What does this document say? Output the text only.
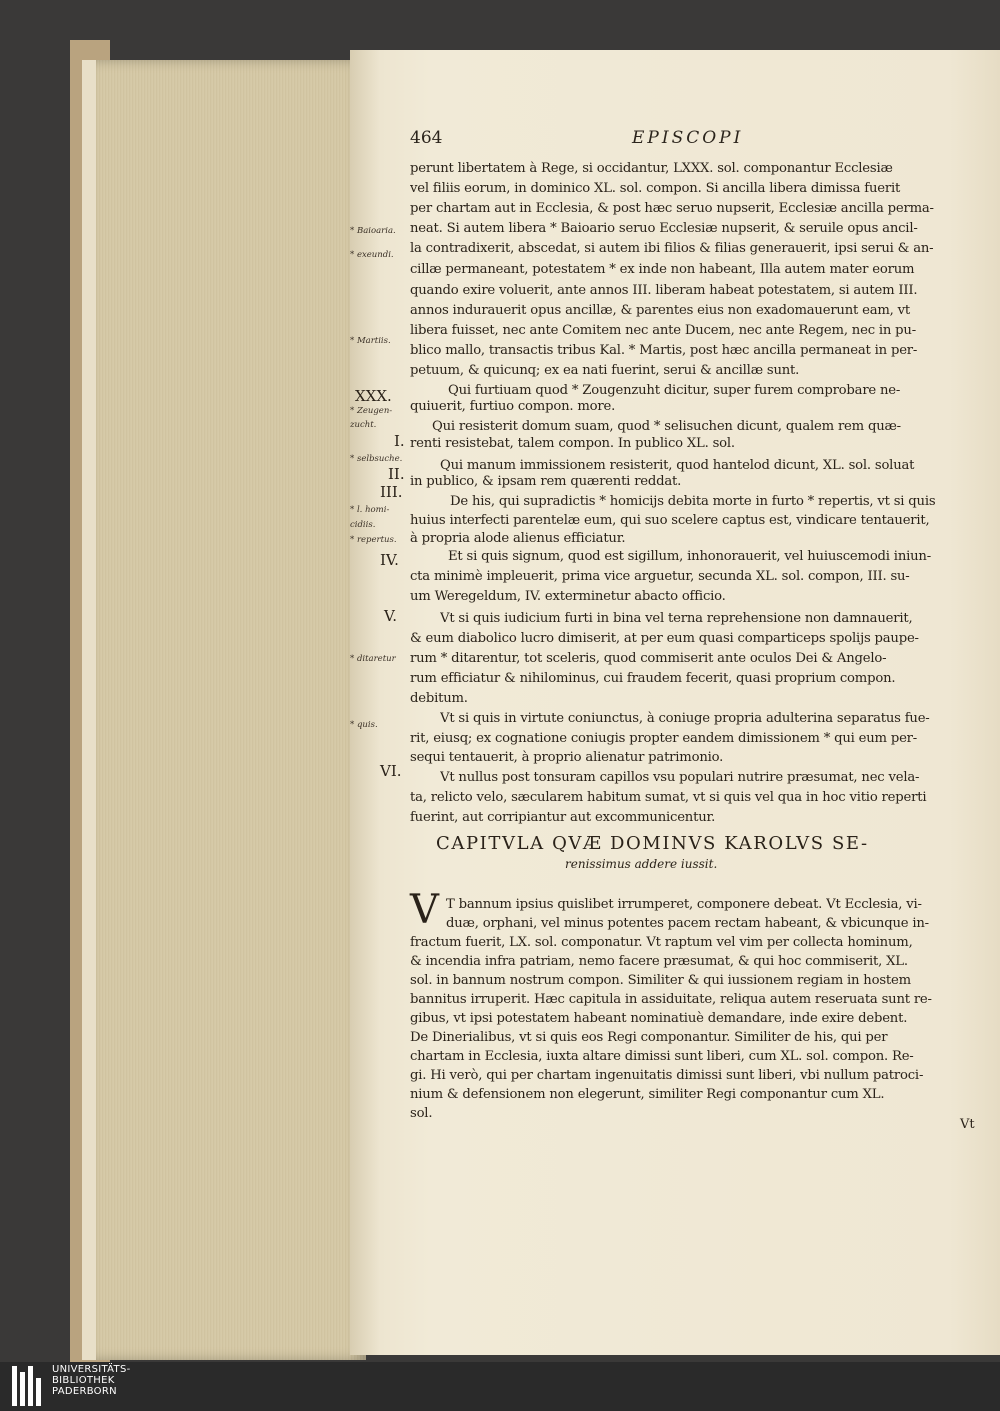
464	EPISCOPI
perunt libertatem à Rege, si occidantur, LXXX. sol. componantur Ecclesiæ
vel filiis eorum, in dominico XL. sol. compon. Si ancilla libera dimissa fuerit
per chartam aut in Ecclesia, & post hæc seruo nupserit, Ecclesiæ ancilla perma-
neat. Si autem libera * Baioario seruo Ecclesiæ nupserit, & seruile opus ancil-
la contradixerit, abscedat, si autem ibi filios & filias generauerit, ipsi serui & an-
cillæ permaneant, potestatem * ex inde non habeant, Illa autem mater eorum
quando exire voluerit, ante annos III. liberam habeat potestatem, si autem III.
annos indurauerit opus ancillæ, & parentes eius non exadomauerunt eam, vt
libera fuisset, nec ante Comitem nec ante Ducem, nec ante Regem, nec in pu-
blico mallo, transactis tribus Kal. * Martis, post hæc ancilla permaneat in per-
petuum, & quicunq; ex ea nati fuerint, serui & ancillæ sunt.
Qui furtiuam quod * Zougenzuht dicitur, super furem comprobare ne-
quiuerit, furtiuo compon. more.
Qui resisterit domum suam, quod * selisuchen dicunt, qualem rem quæ-
renti resistebat, talem compon. In publico XL. sol.
Qui manum immissionem resisterit, quod hantelod dicunt, XL. sol. soluat
in publico, & ipsam rem quærenti reddat.
De his, qui supradictis * homicijs debita morte in furto * repertis, vt si quis
huius interfecti parentelæ eum, qui suo scelere captus est, vindicare tentauerit,
à propria alode alienus efficiatur.
Et si quis signum, quod est sigillum, inhonorauerit, vel huiuscemodi iniun-
cta minimè impleuerit, prima vice arguetur, secunda XL. sol. compon, III. su-
um Weregeldum, IV. exterminetur abacto officio.
Vt si quis iudicium furti in bina vel terna reprehensione non damnauerit,
& eum diabolico lucro dimiserit, at per eum quasi comparticeps spolijs paupe-
rum * ditarentur, tot sceleris, quod commiserit ante oculos Dei & Angelo-
rum efficiatur & nihilominus, cui fraudem fecerit, quasi proprium compon.
debitum.
Vt si quis in virtute coniunctus, à coniuge propria adulterina separatus fue-
rit, eiusq; ex cognatione coniugis propter eandem dimissionem * qui eum per-
sequi tentauerit, à proprio alienatur patrimonio.
Vt nullus post tonsuram capillos vsu populari nutrire præsumat, nec vela-
ta, relicto velo, sæcularem habitum sumat, vt si quis vel qua in hoc vitio reperti
fuerint, aut corripiantur aut excommunicentur.
* Baioaria.
* exeundi.
* Martiis.
* Zeugen-
zucht.
* selbsuche.
* l. homi-
cidiis.
* repertus.
* ditaretur
* quis.
XXX.
I.
II.
III.
IV.
V.
VI.
CAPITVLA QVÆ DOMINVS KAROLVS SE-
renissimus addere iussit.
V T bannum ipsius quislibet irrumperet, componere debeat. Vt Ecclesia, vi-
duæ, orphani, vel minus potentes pacem rectam habeant, & vbicunque in-
fractum fuerit, LX. sol. componatur. Vt raptum vel vim per collecta hominum,
& incendia infra patriam, nemo facere præsumat, & qui hoc commiserit, XL.
sol. in bannum nostrum compon. Similiter & qui iussionem regiam in hostem
bannitus irruperit. Hæc capitula in assiduitate, reliqua autem reseruata sunt re-
gibus, vt ipsi potestatem habeant nominatiuè demandare, inde exire debent.
De Dinerialibus, vt si quis eos Regi componantur. Similiter de his, qui per
chartam in Ecclesia, iuxta altare dimissi sunt liberi, cum XL. sol. compon. Re-
gi. Hi verò, qui per chartam ingenuitatis dimissi sunt liberi, vbi nullum patroci-
nium & defensionem non elegerunt, similiter Regi componantur cum XL.
sol.
Vt
UNIVERSITÄTS-
BIBLIOTHEK
PADERBORN
